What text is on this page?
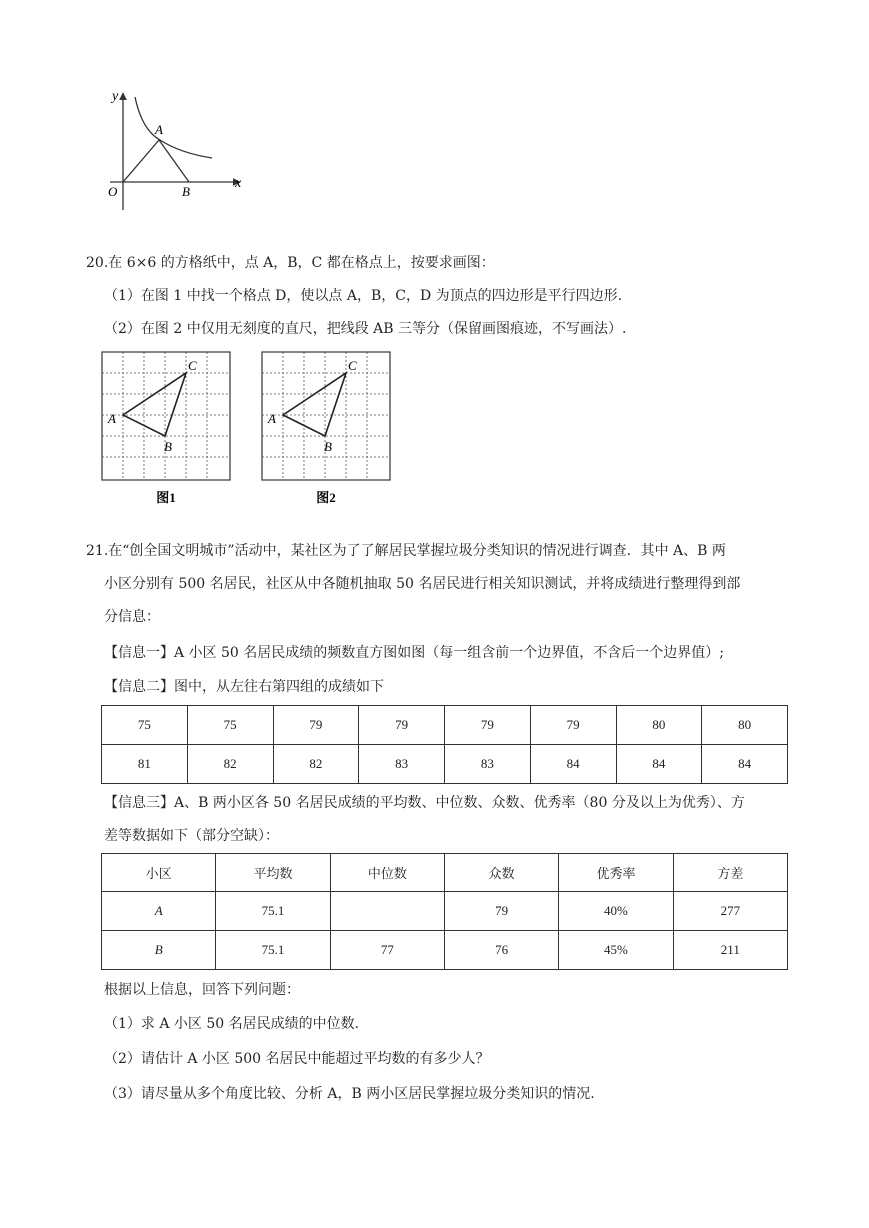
y
x
A
O	B
20.在 6×6 的方格纸中，点 A，B，C 都在格点上，按要求画图：
（1）在图 1 中找一个格点 D，使以点 A，B，C，D 为顶点的四边形是平行四边形.
（2）在图 2 中仅用无刻度的直尺，把线段 AB 三等分（保留画图痕迹，不写画法）.
A
B
C
图1
A
B
C
图2
21.在“创全国文明城市”活动中，某社区为了了解居民掌握垃圾分类知识的情况进行调查．其中 A、B 两
小区分别有 500 名居民，社区从中各随机抽取 50 名居民进行相关知识测试，并将成绩进行整理得到部
分信息：
【信息一】A 小区 50 名居民成绩的频数直方图如图（每一组含前一个边界值，不含后一个边界值）;
【信息二】图中，从左往右第四组的成绩如下
75	75	79	79	79	79	80	80
81	82	82	83	83	84	84	84
【信息三】A、B 两小区各 50 名居民成绩的平均数、中位数、众数、优秀率（80 分及以上为优秀）、方
差等数据如下（部分空缺）：
小区	平均数	中位数	众数	优秀率	方差
A	75.1		79	40%	277
B	75.1	77	76	45%	211
根据以上信息，回答下列问题：
（1）求 A 小区 50 名居民成绩的中位数.
（2）请估计 A 小区 500 名居民中能超过平均数的有多少人？
（3）请尽量从多个角度比较、分析 A，B 两小区居民掌握垃圾分类知识的情况.
